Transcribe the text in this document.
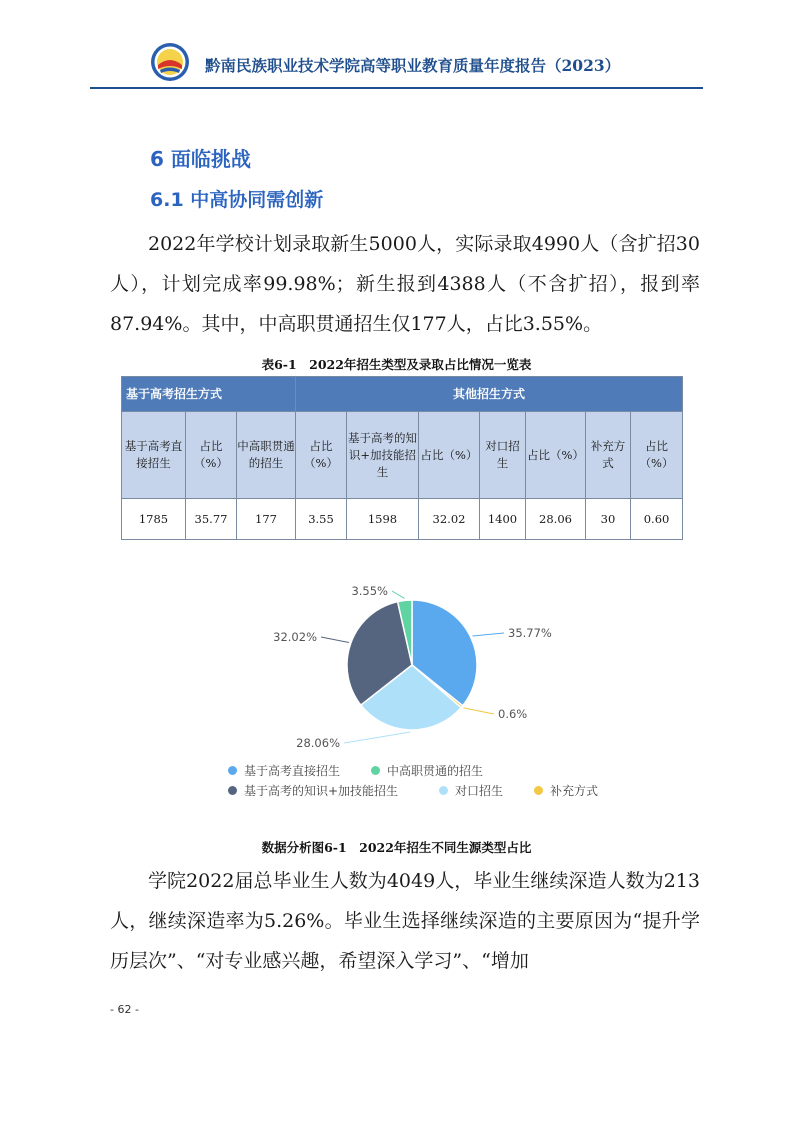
黔南民族职业技术学院高等职业教育质量年度报告（2023）
6 面临挑战
6.1 中高协同需创新

2022年学校计划录取新生5000人，实际录取4990人（含扩招30人），计划完成率99.98%；新生报到4388人（不含扩招），报到率87.94%。其中，中高职贯通招生仅177人，占比3.55%。

表6-1　2022年招生类型及录取占比情况一览表
基于高考招生方式			其他招生方式						
基于高考直接招生	占比（%）	中高职贯通的招生	占比（%）	基于高考的知识+加技能招生	占比（%）	对口招生	占比（%）	补充方式	占比（%）
1785	35.77	177	3.55	1598	32.02	1400	28.06	30	0.60
35.77%
0.6%
28.06%
32.02%
3.55%
基于高考直接招生	中高职贯通的招生
基于高考的知识+加技能招生	对口招生	补充方式
数据分析图6-1　2022年招生不同生源类型占比

学院2022届总毕业生人数为4049人，毕业生继续深造人数为213人，继续深造率为5.26%。毕业生选择继续深造的主要原因为“提升学历层次”、“对专业感兴趣，希望深入学习”、“增加

- 62 -
